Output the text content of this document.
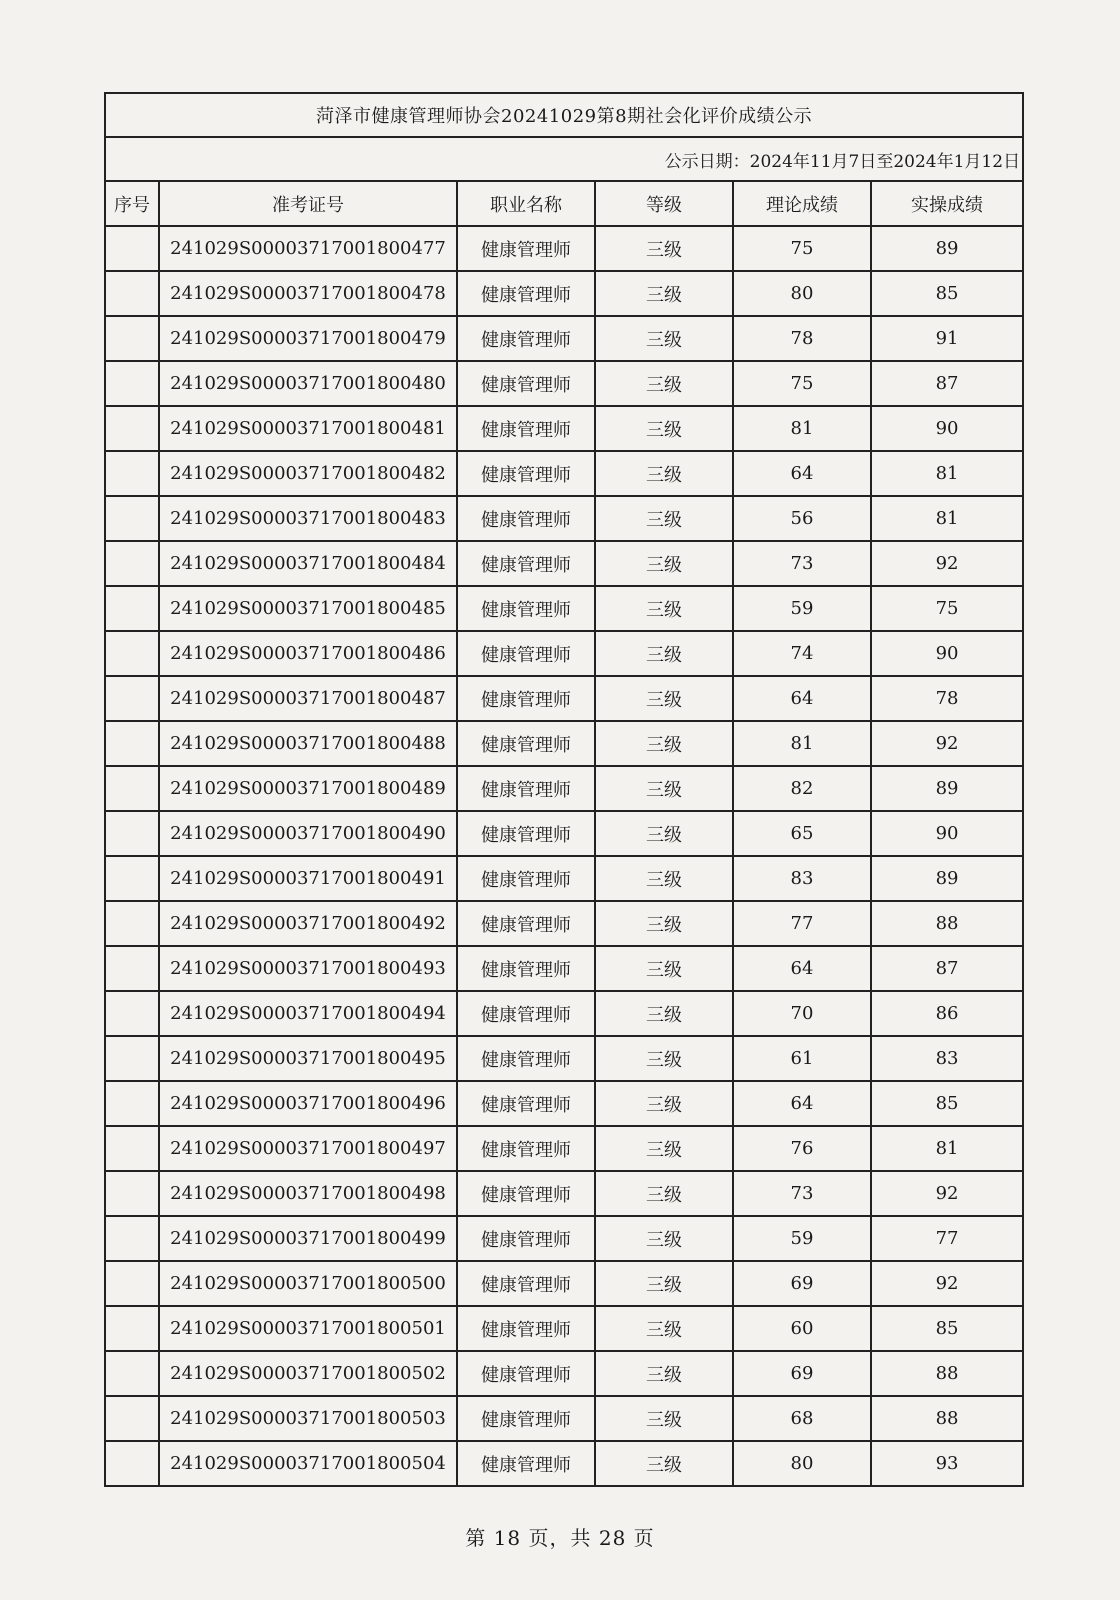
菏泽市健康管理师协会20241029第8期社会化评价成绩公示					
公示日期：2024年11月7日至2024年1月12日					
序号	准考证号	职业名称	等级	理论成绩	实操成绩
	241029S00003717001800477	健康管理师	三级	75	89
	241029S00003717001800478	健康管理师	三级	80	85
	241029S00003717001800479	健康管理师	三级	78	91
	241029S00003717001800480	健康管理师	三级	75	87
	241029S00003717001800481	健康管理师	三级	81	90
	241029S00003717001800482	健康管理师	三级	64	81
	241029S00003717001800483	健康管理师	三级	56	81
	241029S00003717001800484	健康管理师	三级	73	92
	241029S00003717001800485	健康管理师	三级	59	75
	241029S00003717001800486	健康管理师	三级	74	90
	241029S00003717001800487	健康管理师	三级	64	78
	241029S00003717001800488	健康管理师	三级	81	92
	241029S00003717001800489	健康管理师	三级	82	89
	241029S00003717001800490	健康管理师	三级	65	90
	241029S00003717001800491	健康管理师	三级	83	89
	241029S00003717001800492	健康管理师	三级	77	88
	241029S00003717001800493	健康管理师	三级	64	87
	241029S00003717001800494	健康管理师	三级	70	86
	241029S00003717001800495	健康管理师	三级	61	83
	241029S00003717001800496	健康管理师	三级	64	85
	241029S00003717001800497	健康管理师	三级	76	81
	241029S00003717001800498	健康管理师	三级	73	92
	241029S00003717001800499	健康管理师	三级	59	77
	241029S00003717001800500	健康管理师	三级	69	92
	241029S00003717001800501	健康管理师	三级	60	85
	241029S00003717001800502	健康管理师	三级	69	88
	241029S00003717001800503	健康管理师	三级	68	88
	241029S00003717001800504	健康管理师	三级	80	93
第 18 页，共 28 页
